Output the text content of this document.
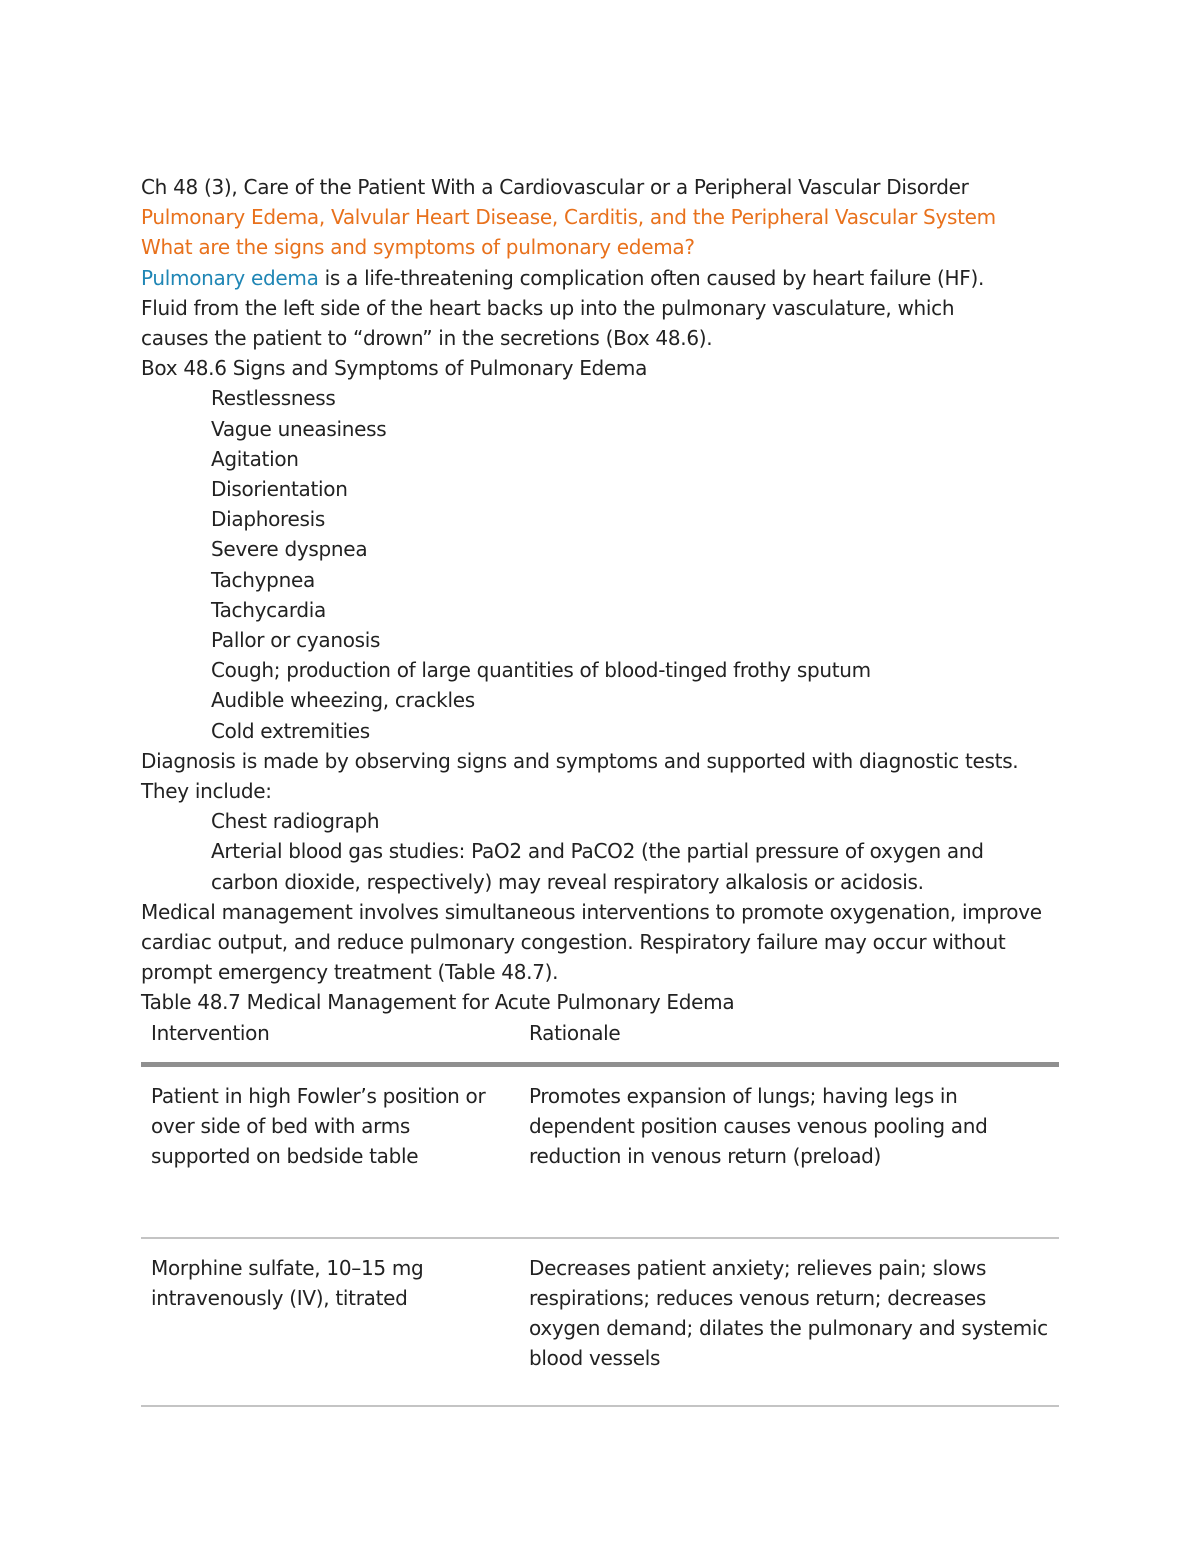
Ch 48 (3), Care of the Patient With a Cardiovascular or a Peripheral Vascular Disorder
Pulmonary Edema, Valvular Heart Disease, Carditis, and the Peripheral Vascular System
What are the signs and symptoms of pulmonary edema?
Pulmonary edema is a life-threatening complication often caused by heart failure (HF).
Fluid from the left side of the heart backs up into the pulmonary vasculature, which
causes the patient to “drown” in the secretions (Box 48.6).
Box 48.6 Signs and Symptoms of Pulmonary Edema
Restlessness
Vague uneasiness
Agitation
Disorientation
Diaphoresis
Severe dyspnea
Tachypnea
Tachycardia
Pallor or cyanosis
Cough; production of large quantities of blood-tinged frothy sputum
Audible wheezing, crackles
Cold extremities
Diagnosis is made by observing signs and symptoms and supported with diagnostic tests.
They include:
Chest radiograph
Arterial blood gas studies: PaO2 and PaCO2 (the partial pressure of oxygen and carbon dioxide, respectively) may reveal respiratory alkalosis or acidosis.
Medical management involves simultaneous interventions to promote oxygenation, improve
cardiac output, and reduce pulmonary congestion. Respiratory failure may occur without
prompt emergency treatment (Table 48.7).
Table 48.7 Medical Management for Acute Pulmonary Edema
Intervention	Rationale
Patient in high Fowler’s position or over side of bed with arms supported on bedside table	Promotes expansion of lungs; having legs in dependent position causes venous pooling and reduction in venous return (preload)
Morphine sulfate, 10–15 mg intravenously (IV), titrated	Decreases patient anxiety; relieves pain; slows respirations; reduces venous return; decreases oxygen demand; dilates the pulmonary and systemic blood vessels
